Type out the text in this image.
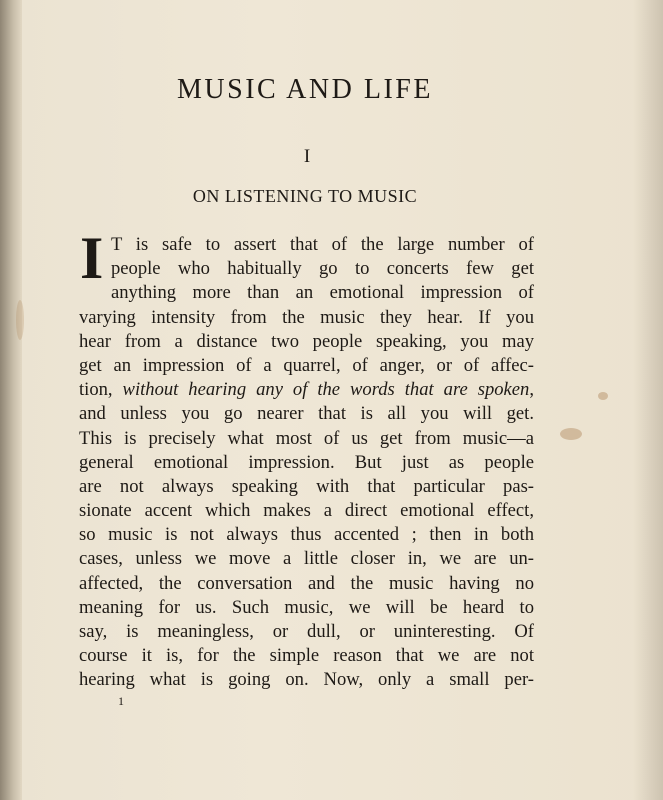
MUSIC AND LIFE
I
ON LISTENING TO MUSIC
I T is safe to assert that of the large number of
people who habitually go to concerts few get
anything more than an emotional impression of
varying intensity from the music they hear. If you
hear from a distance two people speaking, you may
get an impression of a quarrel, of anger, or of affec-
tion, without hearing any of the words that are spoken,
and unless you go nearer that is all you will get.
This is precisely what most of us get from music—a
general emotional impression. But just as people
are not always speaking with that particular pas-
sionate accent which makes a direct emotional effect,
so music is not always thus accented ; then in both
cases, unless we move a little closer in, we are un-
affected, the conversation and the music having no
meaning for us. Such music, we will be heard to
say, is meaningless, or dull, or uninteresting. Of
course it is, for the simple reason that we are not
hearing what is going on. Now, only a small per-
1
